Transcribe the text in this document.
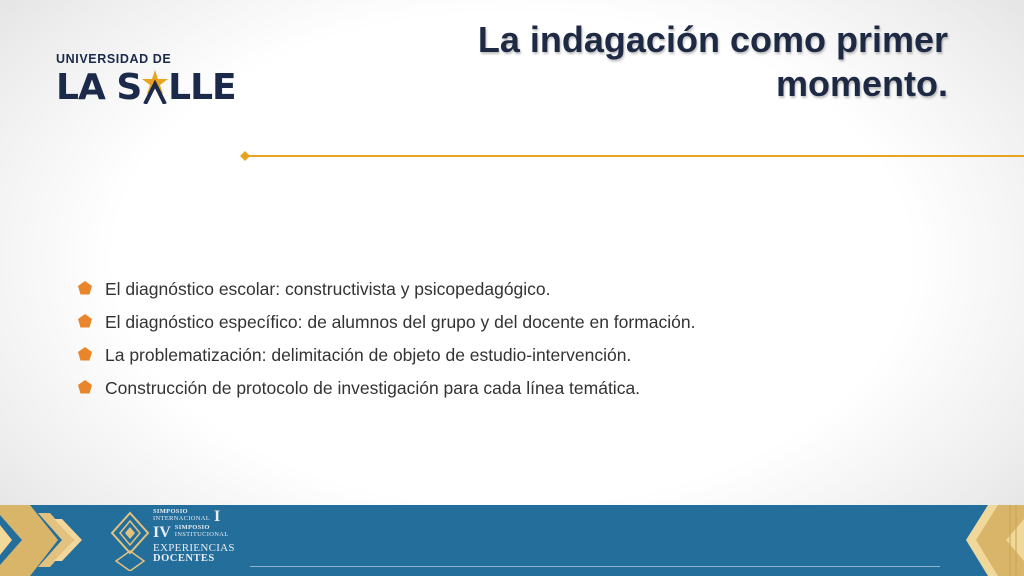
UNIVERSIDAD DE
LA S LLE
La indagación como primer
momento.
El diagnóstico escolar: constructivista y psicopedagógico.
El diagnóstico específico: de alumnos del grupo y del docente en formación.
La problematización: delimitación de objeto de estudio-intervención.
Construcción de protocolo de investigación para cada línea temática.
SIMPOSIO
INTERNACIONAL I
IV SIMPOSIO
INSTITUCIONAL
EXPERIENCIAS
DOCENTES
